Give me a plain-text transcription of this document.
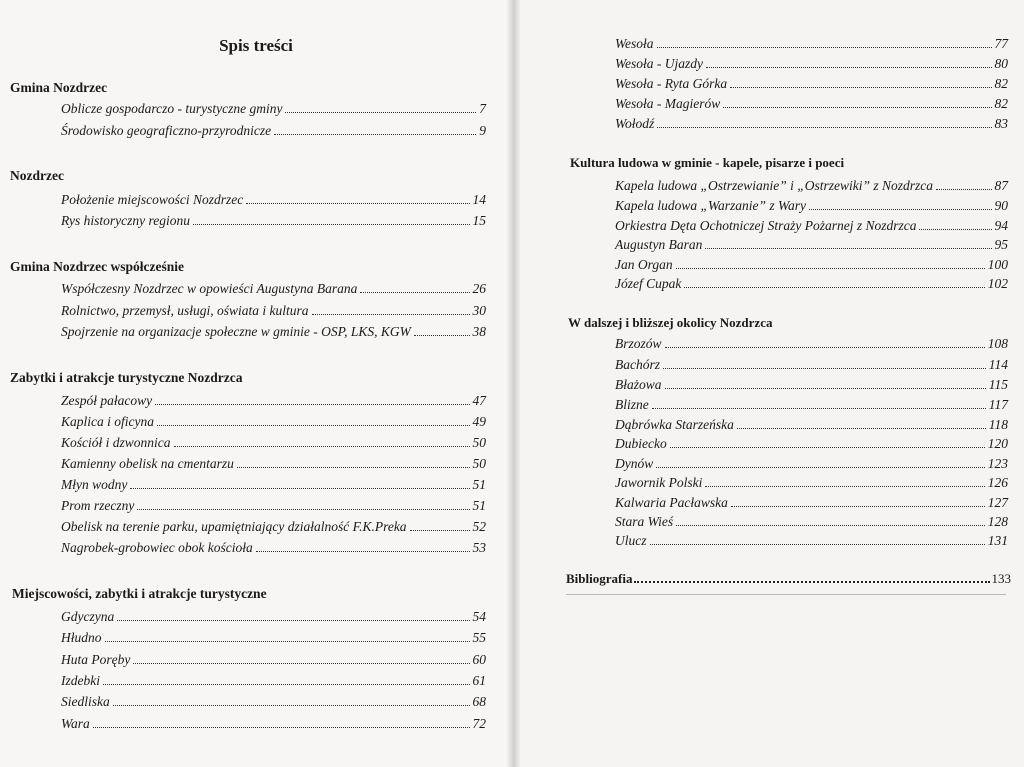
Spis treści
Gmina Nozdrzec
Oblicze gospodarczo - turystyczne gminy	7
Środowisko geograficzno-przyrodnicze	9
Nozdrzec
Położenie miejscowości Nozdrzec	14
Rys historyczny regionu	15
Gmina Nozdrzec współcześnie
Współczesny Nozdrzec w opowieści Augustyna Barana	26
Rolnictwo, przemysł, usługi, oświata i kultura	30
Spojrzenie na organizacje społeczne w gminie - OSP, LKS, KGW	38
Zabytki i atrakcje turystyczne Nozdrzca
Zespół pałacowy	47
Kaplica i oficyna	49
Kościół i dzwonnica	50
Kamienny obelisk na cmentarzu	50
Młyn wodny	51
Prom rzeczny	51
Obelisk na terenie parku, upamiętniający działalność F.K.Preka	52
Nagrobek-grobowiec obok kościoła	53
Miejscowości, zabytki i atrakcje turystyczne
Gdyczyna	54
Hłudno	55
Huta Poręby	60
Izdebki	61
Siedliska	68
Wara	72
Wesoła	77
Wesoła - Ujazdy	80
Wesoła - Ryta Górka	82
Wesoła - Magierów	82
Wołodź	83
Kultura ludowa w gminie - kapele, pisarze i poeci
Kapela ludowa „Ostrzewianie” i „Ostrzewiki” z Nozdrzca	87
Kapela ludowa „Warzanie” z Wary	90
Orkiestra Dęta Ochotniczej Straży Pożarnej z Nozdrzca	94
Augustyn Baran	95
Jan Organ	100
Józef Cupak	102
W dalszej i bliższej okolicy Nozdrzca
Brzozów	108
Bachórz	114
Błażowa	115
Blizne	117
Dąbrówka Starzeńska	118
Dubiecko	120
Dynów	123
Jawornik Polski	126
Kalwaria Pacławska	127
Stara Wieś	128
Ulucz	131
Bibliografia	133
